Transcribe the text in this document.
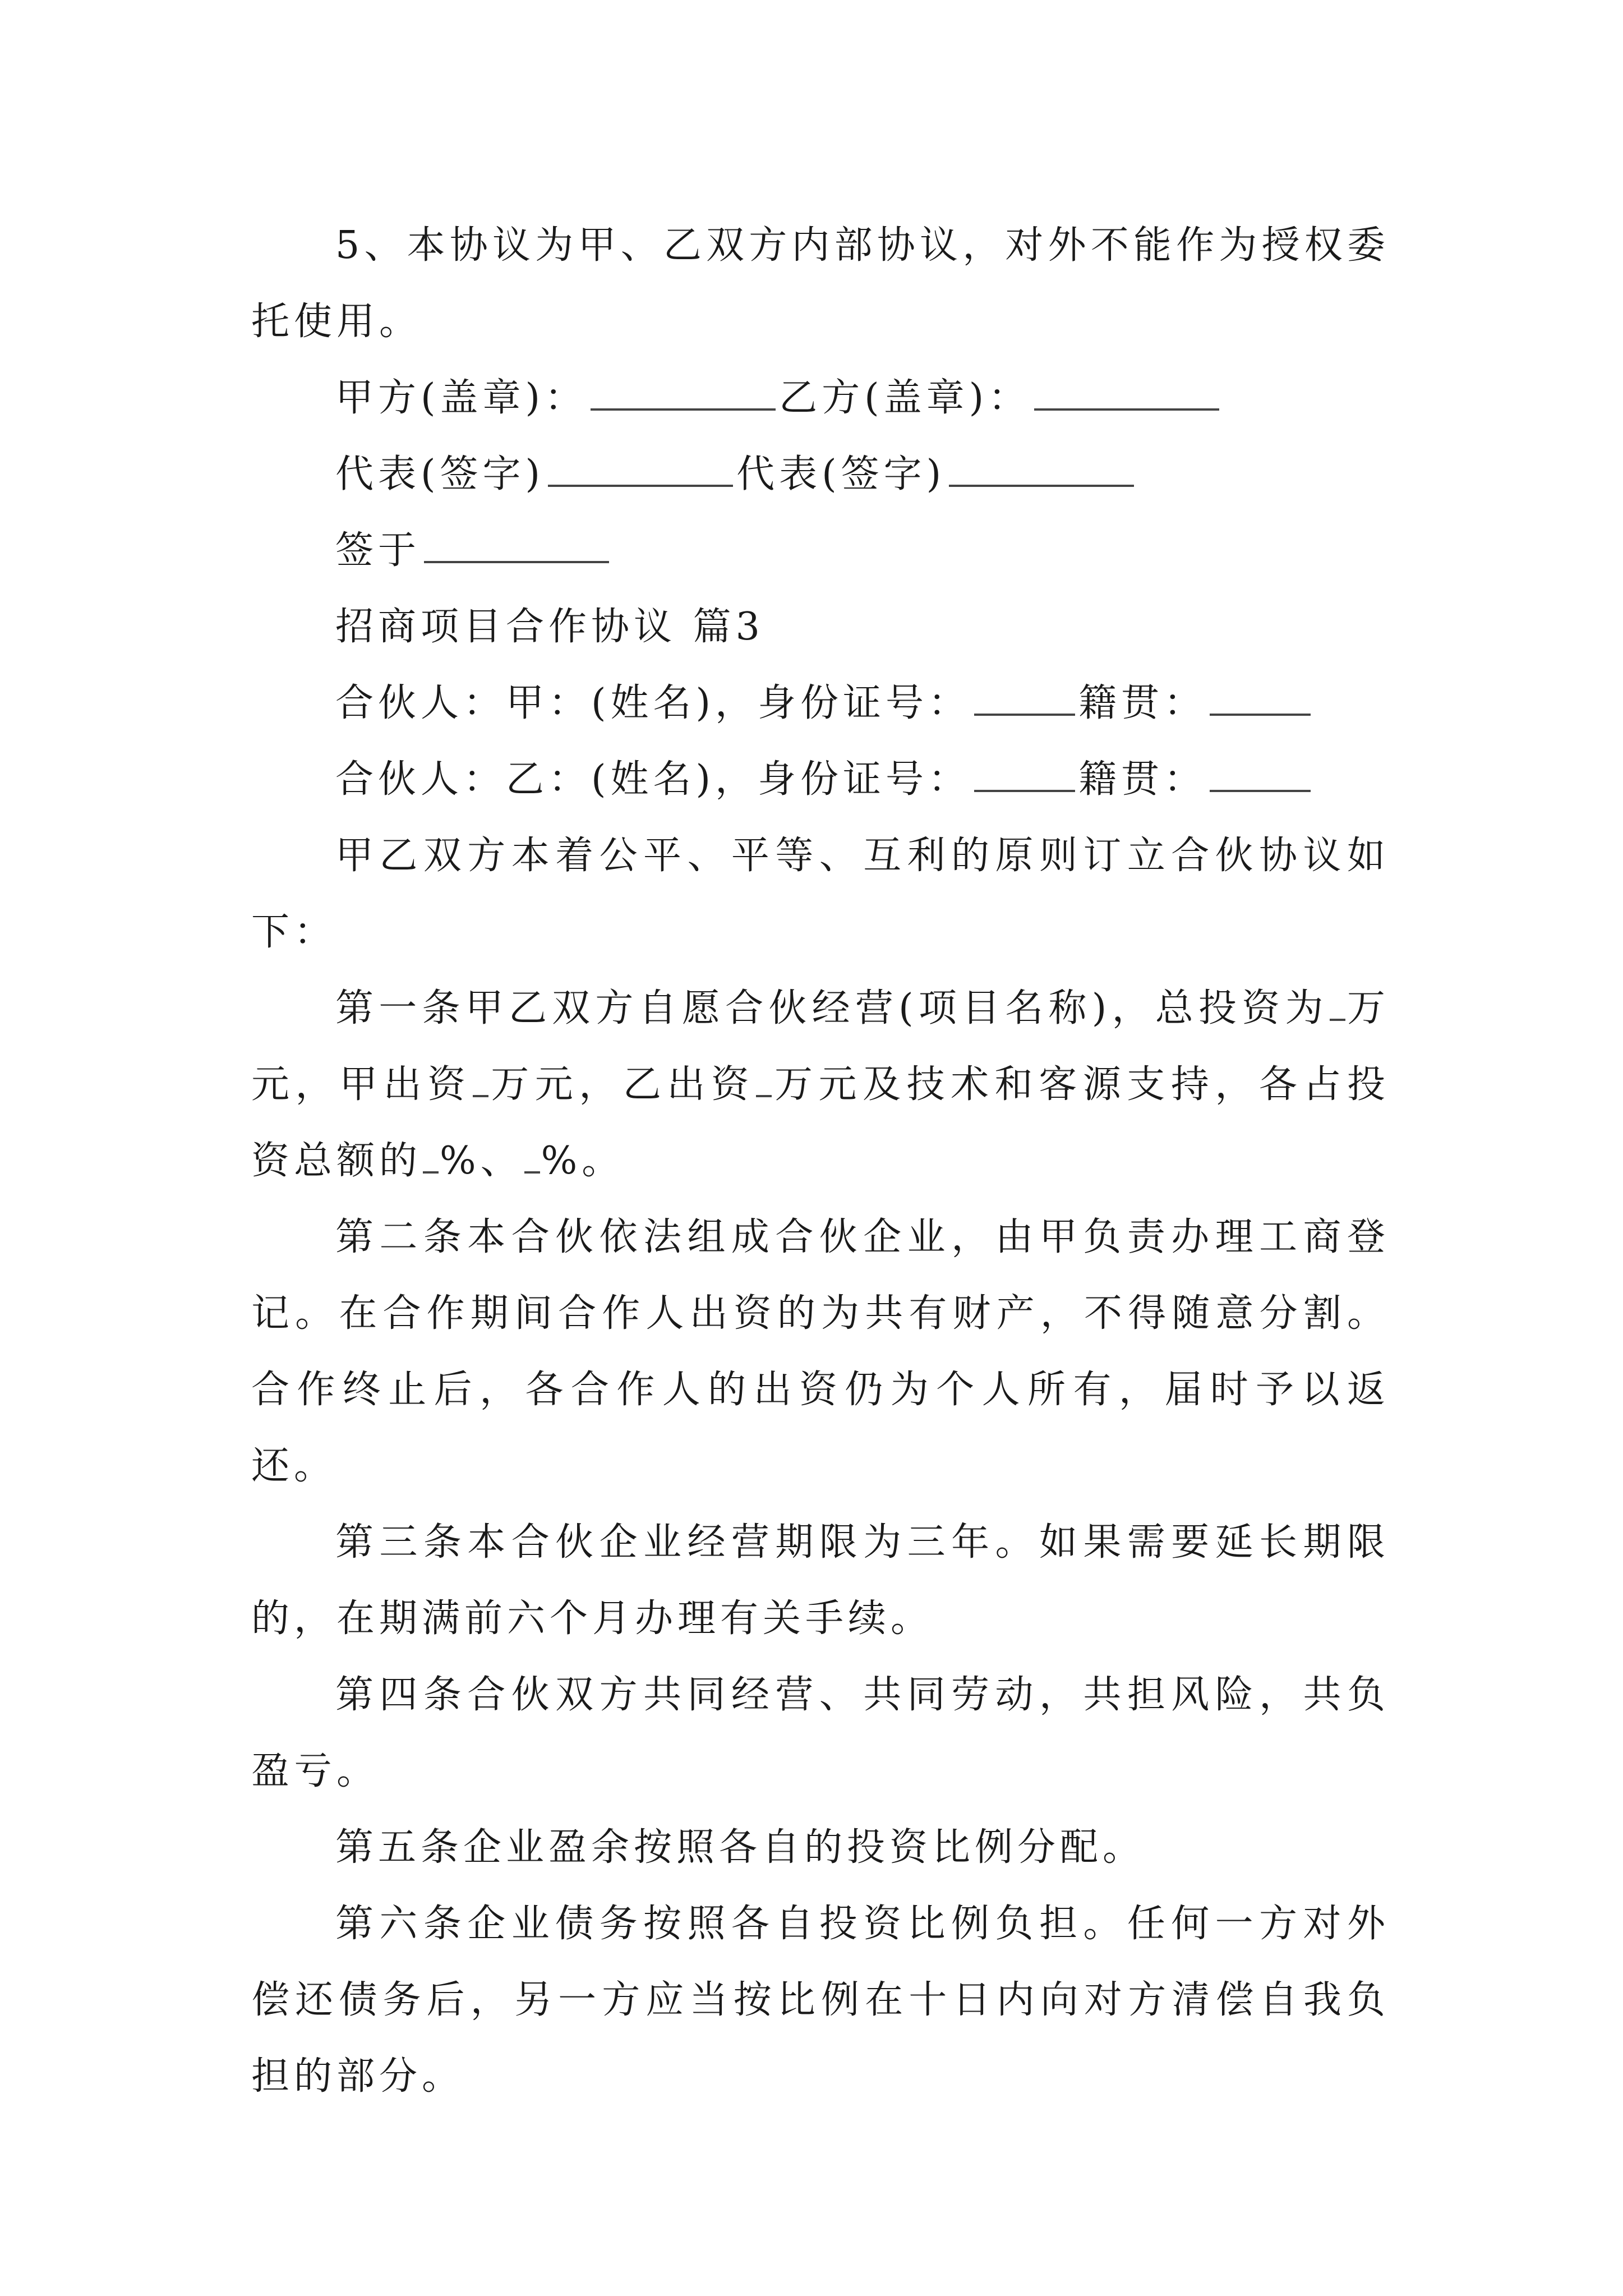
5、本协议为甲、乙双方内部协议，对外不能作为授权委托使用。

甲方(盖章)：	乙方(盖章)：

代表(签字)	代表(签字)

签于

招商项目合作协议 篇3

合伙人：甲：(姓名)，身份证号：	籍贯：

合伙人：乙：(姓名)，身份证号：	籍贯：

甲乙双方本着公平、平等、互利的原则订立合伙协议如下：

第一条甲乙双方自愿合伙经营(项目名称)，总投资为 万元，甲出资 万元，乙出资 万元及技术和客源支持，各占投资总额的 %、 %。

第二条本合伙依法组成合伙企业，由甲负责办理工商登记。在合作期间合作人出资的为共有财产，不得随意分割。合作终止后，各合作人的出资仍为个人所有，届时予以返还。

第三条本合伙企业经营期限为三年。如果需要延长期限的，在期满前六个月办理有关手续。

第四条合伙双方共同经营、共同劳动，共担风险，共负盈亏。

第五条企业盈余按照各自的投资比例分配。

第六条企业债务按照各自投资比例负担。任何一方对外偿还债务后，另一方应当按比例在十日内向对方清偿自我负担的部分。
